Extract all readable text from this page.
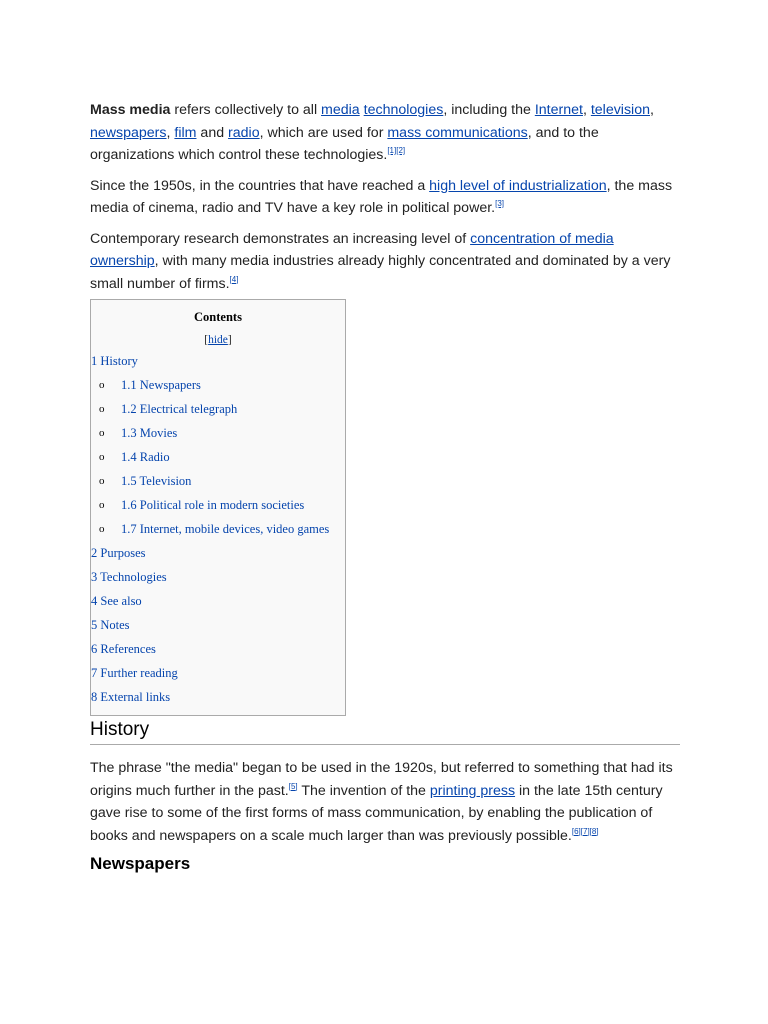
Mass media refers collectively to all media technologies, including the Internet, television, newspapers, film and radio, which are used for mass communications, and to the organizations which control these technologies.[1][2]

Since the 1950s, in the countries that have reached a high level of industrialization, the mass media of cinema, radio and TV have a key role in political power.[3]

Contemporary research demonstrates an increasing level of concentration of media ownership, with many media industries already highly concentrated and dominated by a very small number of firms.[4]

Contents
[hide]
1 History
o 1.1 Newspapers
o 1.2 Electrical telegraph
o 1.3 Movies
o 1.4 Radio
o 1.5 Television
o 1.6 Political role in modern societies
o 1.7 Internet, mobile devices, video games
2 Purposes
3 Technologies
4 See also
5 Notes
6 References
7 Further reading
8 External links
History

The phrase "the media" began to be used in the 1920s, but referred to something that had its origins much further in the past.[5] The invention of the printing press in the late 15th century gave rise to some of the first forms of mass communication, by enabling the publication of books and newspapers on a scale much larger than was previously possible.[6][7][8]

Newspapers
